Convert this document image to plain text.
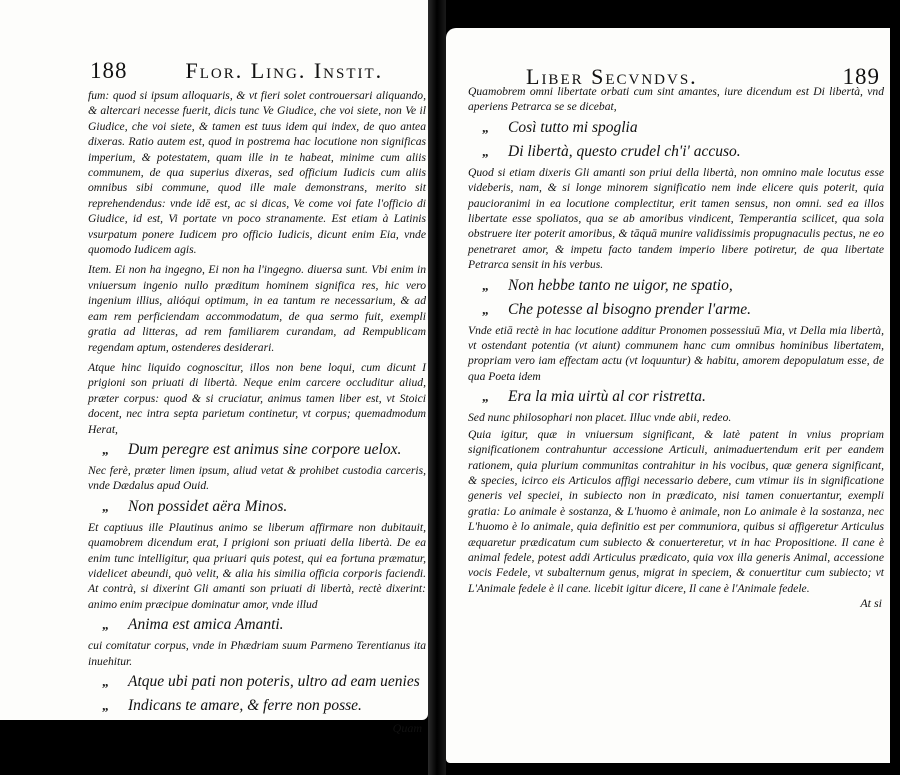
188	Flor. Ling. Instit.

fum: quod si ipsum alloquaris, & vt fieri solet controuersari aliquando, & altercari necesse fuerit, dicis tunc Ve Giudice, che voi siete, non Ve il Giudice, che voi siete, & tamen est tuus idem qui index, de quo antea dixeras. Ratio autem est, quod in postrema hac locutione non significas imperium, & potestatem, quam ille in te habeat, minime cum aliis communem, de qua superius dixeras, sed officium Iudicis cum aliis omnibus sibi commune, quod ille male demonstrans, merito sit reprehendendus: vnde idē est, ac si dicas, Ve come voi fate l'officio di Giudice, id est, Vi portate vn poco stranamente. Est etiam à Latinis vsurpatum ponere Iudicem pro officio Iudicis, dicunt enim Eia, vnde quomodo Iudicem agis.

Item. Ei non ha ingegno, Ei non ha l'ingegno. diuersa sunt. Vbi enim in vniuersum ingenio nullo præditum hominem significa res, hic vero ingenium illius, alióqui optimum, in ea tantum re necessarium, & ad eam rem perficiendam accommodatum, de qua sermo fuit, exempli gratia ad litteras, ad rem familiarem curandam, ad Rempublicam regendam aptum, ostenderes desiderari.

Atque hinc liquido cognoscitur, illos non bene loqui, cum dicunt I prigioni son priuati di libertà. Neque enim carcere occluditur aliud, præter corpus: quod & si cruciatur, animus tamen liber est, vt Stoici docent, nec intra septa parietum continetur, vt corpus; quemadmodum Herat,

„	Dum peregre est animus sine corpore uelox.

Nec ferè, præter limen ipsum, aliud vetat & prohibet custodia carceris, vnde Dædalus apud Ouid.

„	Non possidet aëra Minos.

Et captiuus ille Plautinus animo se liberum affirmare non dubitauit, quamobrem dicendum erat, I prigioni son priuati della libertà. De ea enim tunc intelligitur, qua priuari quis potest, qui ea fortuna præmatur, videlicet abeundi, quò velit, & alia his similia officia corporis faciendi. At contrà, si dixerint Gli amanti son priuati di libertà, rectè dixerint: animo enim præcipue dominatur amor, vnde illud

„	Anima est amica Amanti.

cui comitatur corpus, vnde in Phædriam suum Parmeno Terentianus ita inuehitur.

„	Atque ubi pati non poteris, ultro ad eam uenies
„	Indicans te amare, & ferre non posse.
Quam
Liber Secvndvs.	189

Quamobrem omni libertate orbati cum sint amantes, iure dicendum est Di libertà, vnd aperiens Petrarca se se dicebat,

„	Così tutto mi spoglia
„	Di libertà, questo crudel ch'i' accuso.

Quod si etiam dixeris Gli amanti son priui della libertà, non omnino male locutus esse videberis, nam, & si longe minorem significatio nem inde elicere quis poterit, quia paucioranimi in ea locutione complectitur, erit tamen sensus, non omni. sed ea illos libertate esse spoliatos, qua se ab amoribus vindicent, Temperantia scilicet, qua sola obstruere iter poterit amoribus, & tāquā munire validissimis propugnaculis pectus, ne eo penetraret amor, & impetu facto tandem imperio libere potiretur, de qua libertate Petrarca sensit in his verbus.

„	Non hebbe tanto ne uigor, ne spatio,
„	Che potesse al bisogno prender l'arme.

Vnde etiā rectè in hac locutione additur Pronomen possessiuū Mia, vt Della mia libertà, vt ostendant potentia (vt aiunt) communem hanc cum omnibus hominibus libertatem, propriam vero iam effectam actu (vt loquuntur) & habitu, amorem depopulatum esse, de qua Poeta idem

„	Era la mia uirtù al cor ristretta.

Sed nunc philosophari non placet. Illuc vnde abii, redeo.

Quia igitur, quæ in vniuersum significant, & latè patent in vnius propriam significationem contrahuntur accessione Articuli, animaduertendum erit per eandem rationem, quia plurium communitas contrahitur in his vocibus, quæ genera significant, & species, icirco eis Articulos affigi necessario debere, cum vtimur iis in significatione generis vel speciei, in subiecto non in prædicato, nisi tamen conuertantur, exempli gratia: Lo animale è sostanza, & L'huomo è animale, non Lo animale è la sostanza, nec L'huomo è lo animale, quia definitio est per communiora, quibus si affigeretur Articulus æquaretur prædicatum cum subiecto & conuerteretur, vt in hac Propositione. Il cane è animal fedele, potest addi Articulus prædicato, quia vox illa generis Animal, accessione vocis Fedele, vt subalternum genus, migrat in speciem, & conuertitur cum subiecto; vt L'Animale fedele è il cane. licebit igitur dicere, Il cane è l'Animale fedele.

At si
